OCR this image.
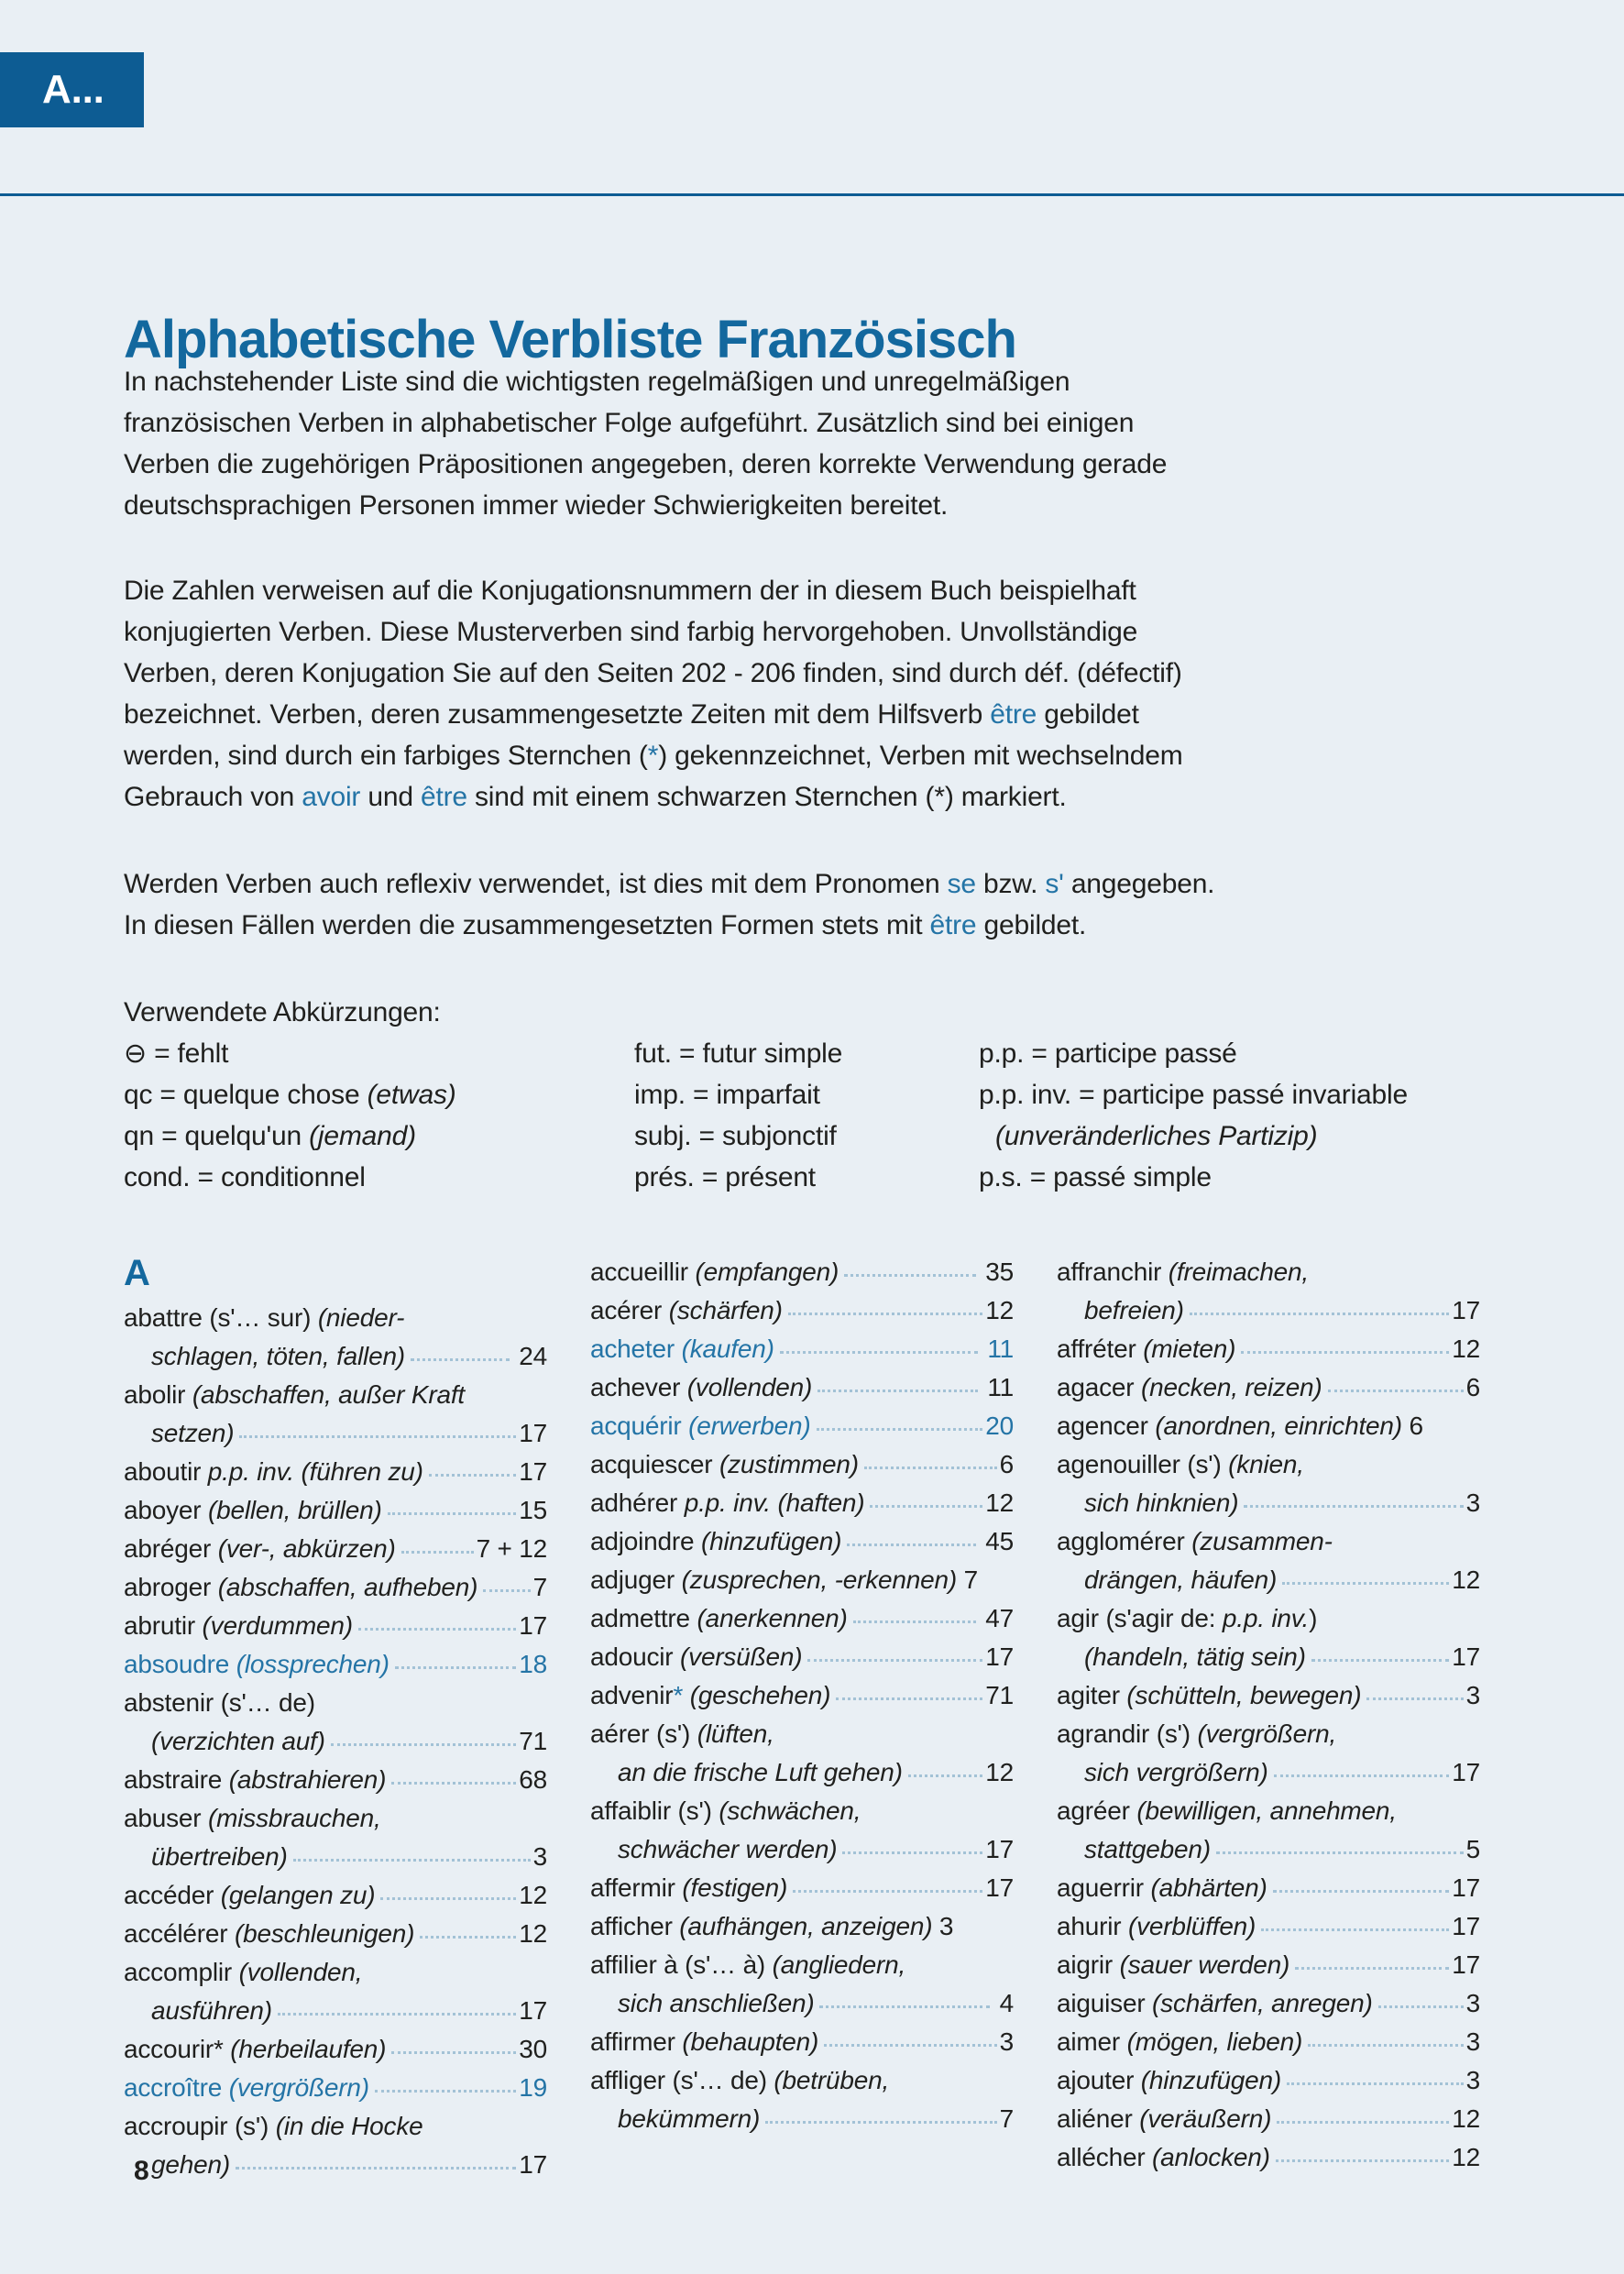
A...
Alphabetische Verbliste Französisch
In nachstehender Liste sind die wichtigsten regelmäßigen und unregelmäßigen
französischen Verben in alphabetischer Folge aufgeführt. Zusätzlich sind bei einigen
Verben die zugehörigen Präpositionen angegeben, deren korrekte Verwendung gerade
deutschsprachigen Personen immer wieder Schwierigkeiten bereitet.
Die Zahlen verweisen auf die Konjugationsnummern der in diesem Buch beispielhaft
konjugierten Verben. Diese Musterverben sind farbig hervorgehoben. Unvollständige
Verben, deren Konjugation Sie auf den Seiten 202 - 206 finden, sind durch déf. (défectif)
bezeichnet. Verben, deren zusammengesetzte Zeiten mit dem Hilfsverb être gebildet
werden, sind durch ein farbiges Sternchen (*) gekennzeichnet, Verben mit wechselndem
Gebrauch von avoir und être sind mit einem schwarzen Sternchen (*) markiert.
Werden Verben auch reflexiv verwendet, ist dies mit dem Pronomen se bzw. s' angegeben.
In diesen Fällen werden die zusammengesetzten Formen stets mit être gebildet.
Verwendete Abkürzungen:
⊖ = fehlt
qc = quelque chose (etwas)
qn = quelqu'un (jemand)
cond. = conditionnel
fut. = futur simple
imp. = imparfait
subj. = subjonctif
prés. = présent
p.p. = participe passé
p.p. inv. = participe passé invariable
(unveränderliches Partizip)
p.s. = passé simple
A
abattre (s'… sur) (nieder-
schlagen, töten, fallen)	24
abolir (abschaffen, außer Kraft
setzen)	17
aboutir p.p. inv. (führen zu)	17
aboyer (bellen, brüllen)	15
abréger (ver-, abkürzen)	7 + 12
abroger (abschaffen, aufheben) 7
abrutir (verdummen)	17
absoudre (lossprechen)	18
abstenir (s'… de)
(verzichten auf)	71
abstraire (abstrahieren)	68
abuser (missbrauchen,
übertreiben)	3
accéder (gelangen zu)	12
accélérer (beschleunigen)	12
accomplir (vollenden,
ausführen)	17
accourir* (herbeilaufen)	30
accroître (vergrößern)	19
accroupir (s') (in die Hocke
gehen)	17
accueillir (empfangen)	35
acérer (schärfen)	12
acheter (kaufen)	11
achever (vollenden)	11
acquérir (erwerben)	20
acquiescer (zustimmen)	6
adhérer p.p. inv. (haften)	12
adjoindre (hinzufügen)	45
adjuger (zusprechen, -erkennen) 7
admettre (anerkennen)	47
adoucir (versüßen)	17
advenir* (geschehen)	71
aérer (s') (lüften,
an die frische Luft gehen)	12
affaiblir (s') (schwächen,
schwächer werden)	17
affermir (festigen)	17
afficher (aufhängen, anzeigen) 3
affilier à (s'… à) (angliedern,
sich anschließen)	4
affirmer (behaupten)	3
affliger (s'… de) (betrüben,
bekümmern)	7
affranchir (freimachen,
befreien)	17
affréter (mieten)	12
agacer (necken, reizen)	6
agencer (anordnen, einrichten) 6
agenouiller (s') (knien,
sich hinknien)	3
agglomérer (zusammen-
drängen, häufen)	12
agir (s'agir de: p.p. inv.)
(handeln, tätig sein)	17
agiter (schütteln, bewegen)	3
agrandir (s') (vergrößern,
sich vergrößern)	17
agréer (bewilligen, annehmen,
stattgeben)	5
aguerrir (abhärten)	17
ahurir (verblüffen)	17
aigrir (sauer werden)	17
aiguiser (schärfen, anregen)	3
aimer (mögen, lieben)	3
ajouter (hinzufügen)	3
aliéner (veräußern)	12
allécher (anlocken)	12
8
